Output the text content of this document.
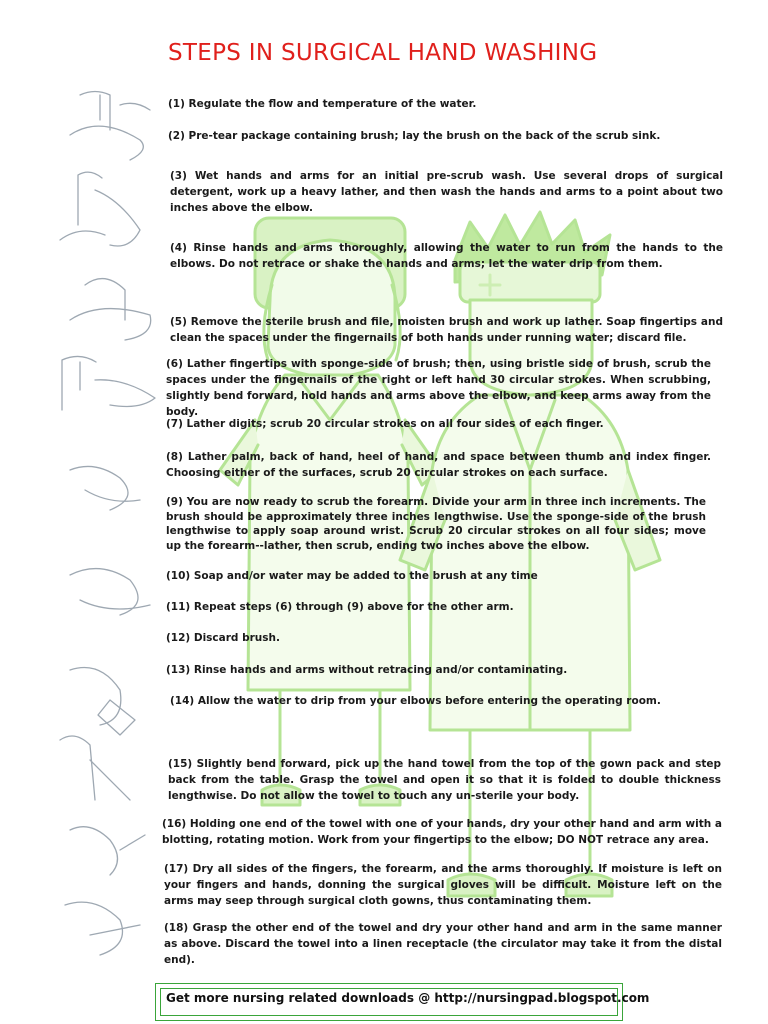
STEPS IN SURGICAL HAND WASHING

(1) Regulate the flow and temperature of the water.

(2) Pre-tear package containing brush; lay the brush on the back of the scrub sink.

(3) Wet hands and arms for an initial pre-scrub wash. Use several drops of surgical detergent, work up a heavy lather, and then wash the hands and arms to a point about two inches above the elbow.

(4) Rinse hands and arms thoroughly, allowing the water to run from the hands to the elbows. Do not retrace or shake the hands and arms; let the water drip from them.

(5) Remove the sterile brush and file, moisten brush and work up lather. Soap fingertips and clean the spaces under the fingernails of both hands under running water; discard file.

(6) Lather fingertips with sponge-side of brush; then, using bristle side of brush, scrub the spaces under the fingernails of the right or left hand 30 circular strokes. When scrubbing, slightly bend forward, hold hands and arms above the elbow, and keep arms away from the body.

(7) Lather digits; scrub 20 circular strokes on all four sides of each finger.

(8) Lather palm, back of hand, heel of hand, and space between thumb and index finger. Choosing either of the surfaces, scrub 20 circular strokes on each surface.

(9) You are now ready to scrub the forearm. Divide your arm in three inch increments. The brush should be approximately three inches lengthwise. Use the sponge-side of the brush lengthwise to apply soap around wrist. Scrub 20 circular strokes on all four sides; move up the forearm--lather, then scrub, ending two inches above the elbow.

(10) Soap and/or water may be added to the brush at any time

(11) Repeat steps (6) through (9) above for the other arm.

(12) Discard brush.

(13) Rinse hands and arms without retracing and/or contaminating.

(14) Allow the water to drip from your elbows before entering the operating room.

(15) Slightly bend forward, pick up the hand towel from the top of the gown pack and step back from the table. Grasp the towel and open it so that it is folded to double thickness lengthwise. Do not allow the towel to touch any un-sterile your body.

(16) Holding one end of the towel with one of your hands, dry your other hand and arm with a blotting, rotating motion. Work from your fingertips to the elbow; DO NOT retrace any area.

(17) Dry all sides of the fingers, the forearm, and the arms thoroughly. If moisture is left on your fingers and hands, donning the surgical gloves will be difficult. Moisture left on the arms may seep through surgical cloth gowns, thus contaminating them.

(18) Grasp the other end of the towel and dry your other hand and arm in the same manner as above. Discard the towel into a linen receptacle (the circulator may take it from the distal end).

Get more nursing related downloads @ http://nursingpad.blogspot.com
